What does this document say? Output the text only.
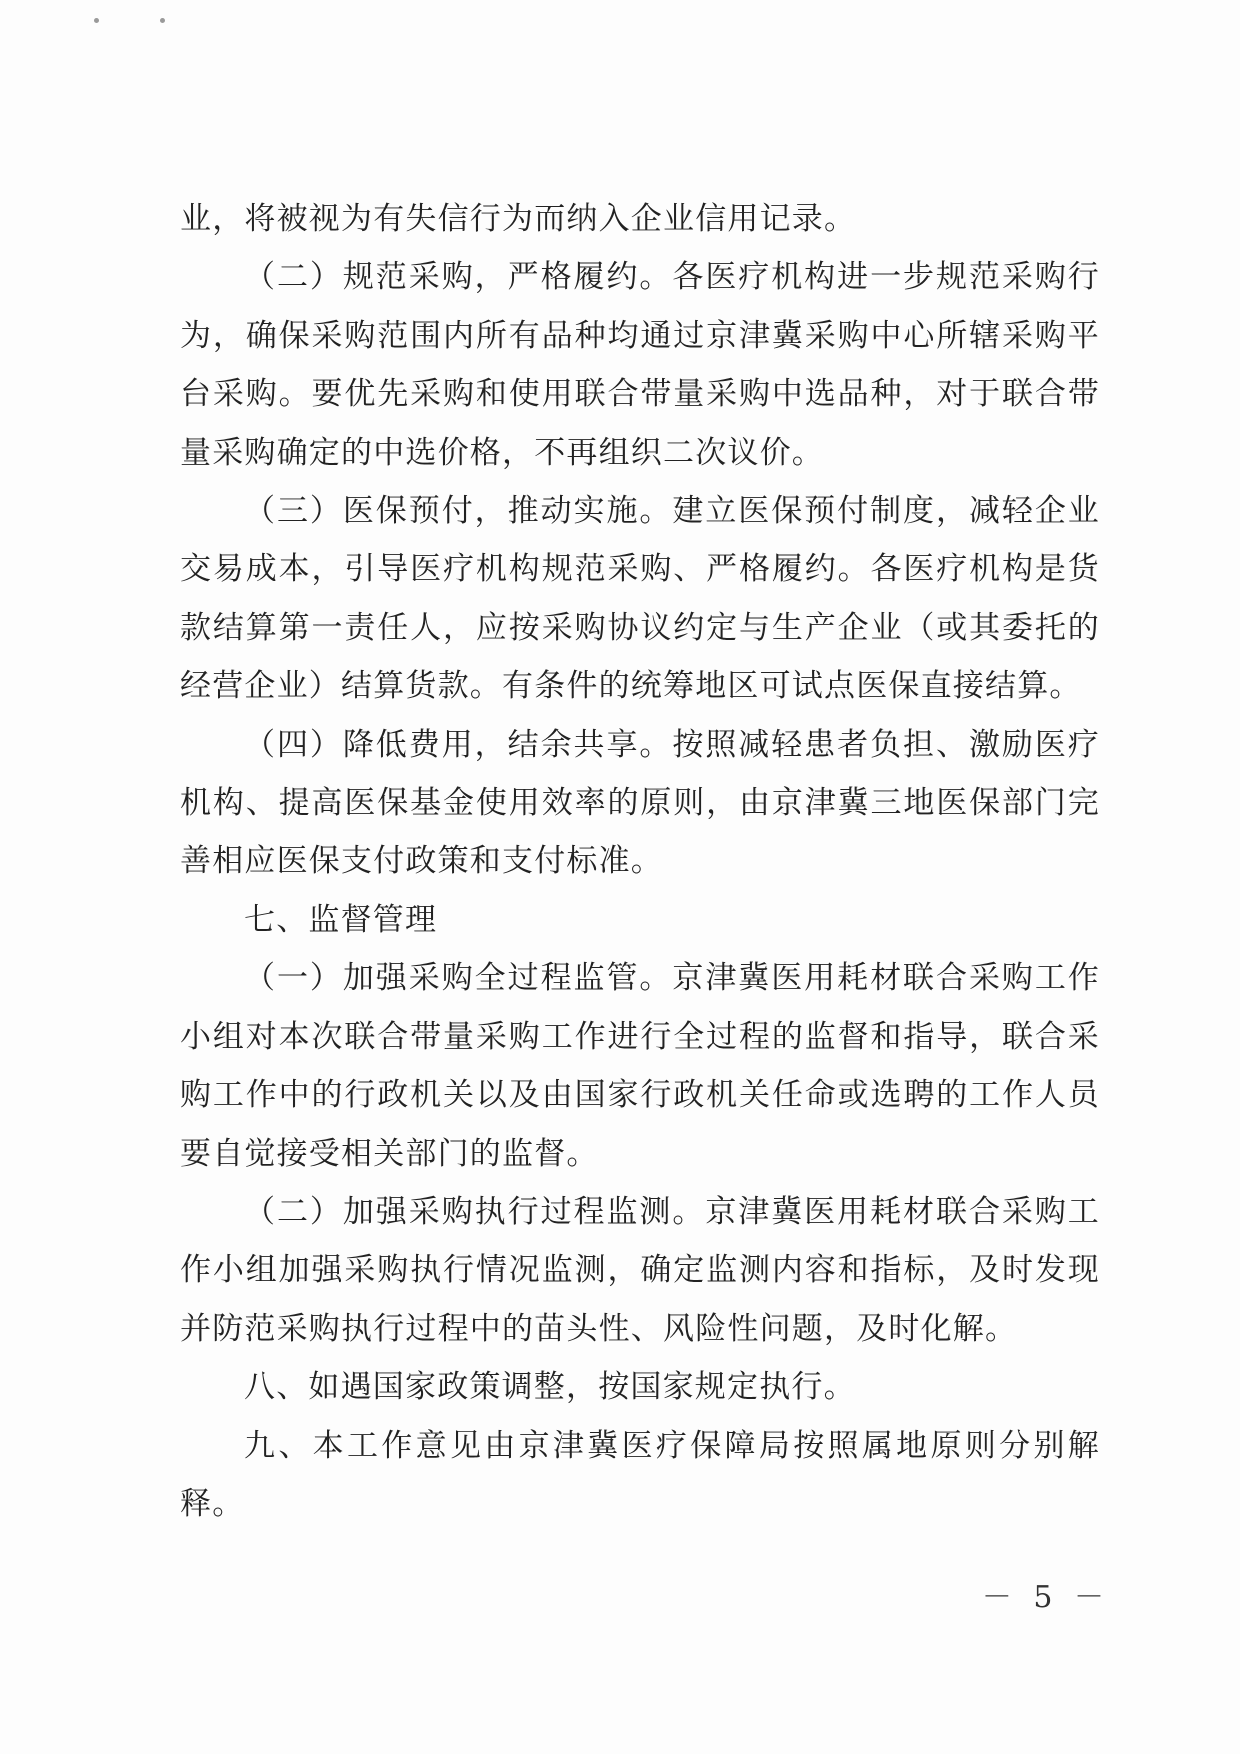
业，将被视为有失信行为而纳入企业信用记录。

（二）规范采购，严格履约。各医疗机构进一步规范采购行为，确保采购范围内所有品种均通过京津冀采购中心所辖采购平台采购。要优先采购和使用联合带量采购中选品种，对于联合带量采购确定的中选价格，不再组织二次议价。

（三）医保预付，推动实施。建立医保预付制度，减轻企业交易成本，引导医疗机构规范采购、严格履约。各医疗机构是货款结算第一责任人，应按采购协议约定与生产企业（或其委托的经营企业）结算货款。有条件的统筹地区可试点医保直接结算。

（四）降低费用，结余共享。按照减轻患者负担、激励医疗机构、提高医保基金使用效率的原则，由京津冀三地医保部门完善相应医保支付政策和支付标准。

七、监督管理

（一）加强采购全过程监管。京津冀医用耗材联合采购工作小组对本次联合带量采购工作进行全过程的监督和指导，联合采购工作中的行政机关以及由国家行政机关任命或选聘的工作人员要自觉接受相关部门的监督。

（二）加强采购执行过程监测。京津冀医用耗材联合采购工作小组加强采购执行情况监测，确定监测内容和指标，及时发现并防范采购执行过程中的苗头性、风险性问题，及时化解。

八、如遇国家政策调整，按国家规定执行。

九、本工作意见由京津冀医疗保障局按照属地原则分别解释。

－ 5 －
